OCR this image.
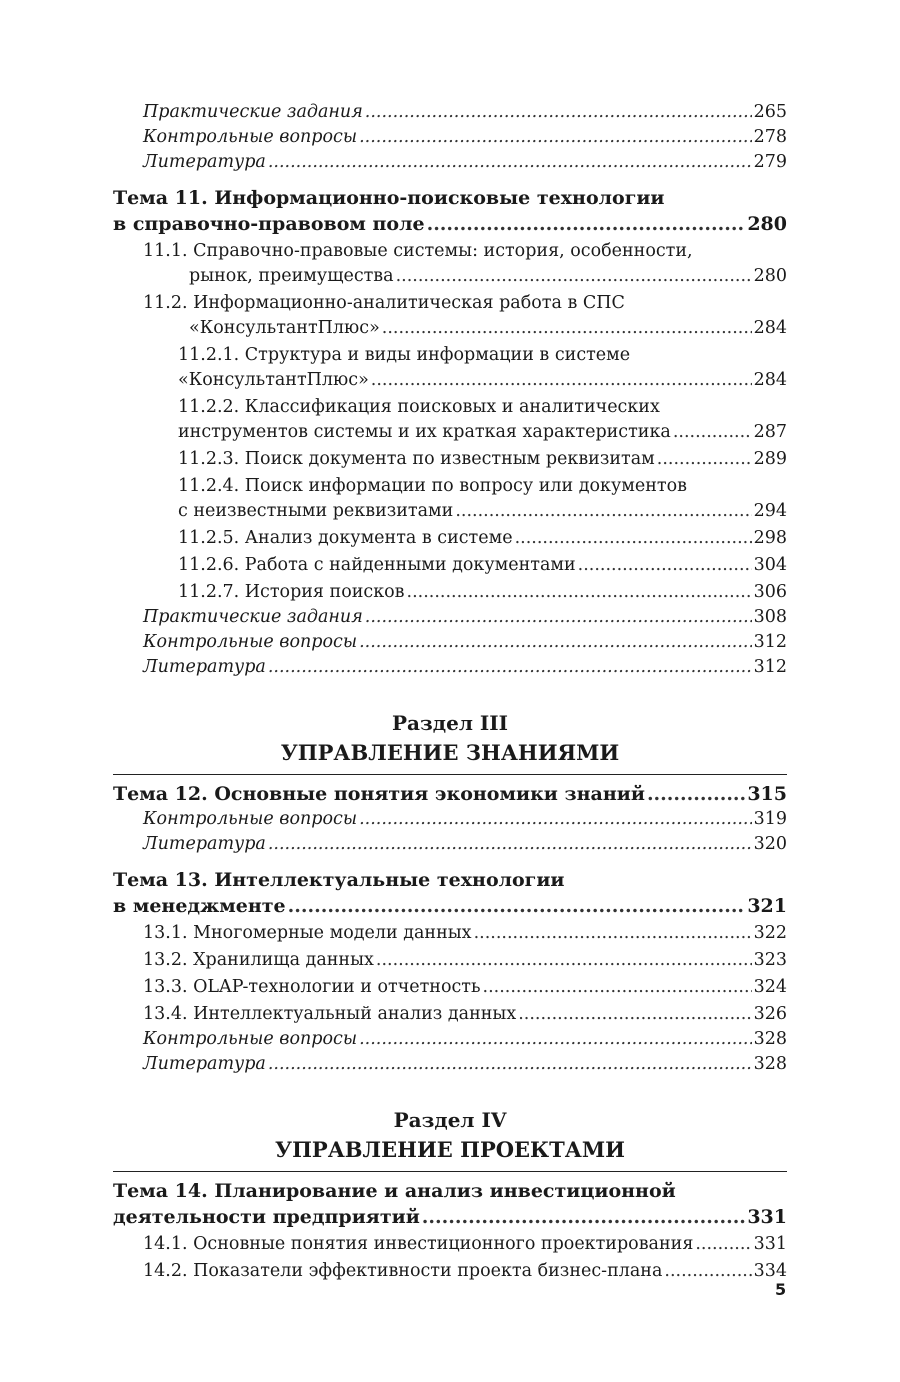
Практические задания .....	265
Контрольные вопросы .....	278
Литература .....	279
Тема 11. Информационно-поисковые технологии
в справочно-правовом поле .....	280
11.1. Справочно-правовые системы: история, особенности,
рынок, преимущества .....	280
11.2. Информационно-аналитическая работа в СПС
«КонсультантПлюс» .....	284
11.2.1. Структура и виды информации в системе
«КонсультантПлюс» .....	284
11.2.2. Классификация поисковых и аналитических
инструментов системы и их краткая характеристика .....	287
11.2.3. Поиск документа по известным реквизитам .....	289
11.2.4. Поиск информации по вопросу или документов
с неизвестными реквизитами .....	294
11.2.5. Анализ документа в системе .....	298
11.2.6. Работа с найденными документами .....	304
11.2.7. История поисков .....	306
Практические задания .....	308
Контрольные вопросы .....	312
Литература .....	312
Раздел III
УПРАВЛЕНИЕ ЗНАНИЯМИ
Тема 12. Основные понятия экономики знаний .....	315
Контрольные вопросы .....	319
Литература .....	320
Тема 13. Интеллектуальные технологии
в менеджменте .....	321
13.1. Многомерные модели данных .....	322
13.2. Хранилища данных .....	323
13.3. OLAP-технологии и отчетность .....	324
13.4. Интеллектуальный анализ данных .....	326
Контрольные вопросы .....	328
Литература .....	328
Раздел IV
УПРАВЛЕНИЕ ПРОЕКТАМИ
Тема 14. Планирование и анализ инвестиционной
деятельности предприятий .....	331
14.1. Основные понятия инвестиционного проектирования .....	331
14.2. Показатели эффективности проекта бизнес-плана .....	334
5
